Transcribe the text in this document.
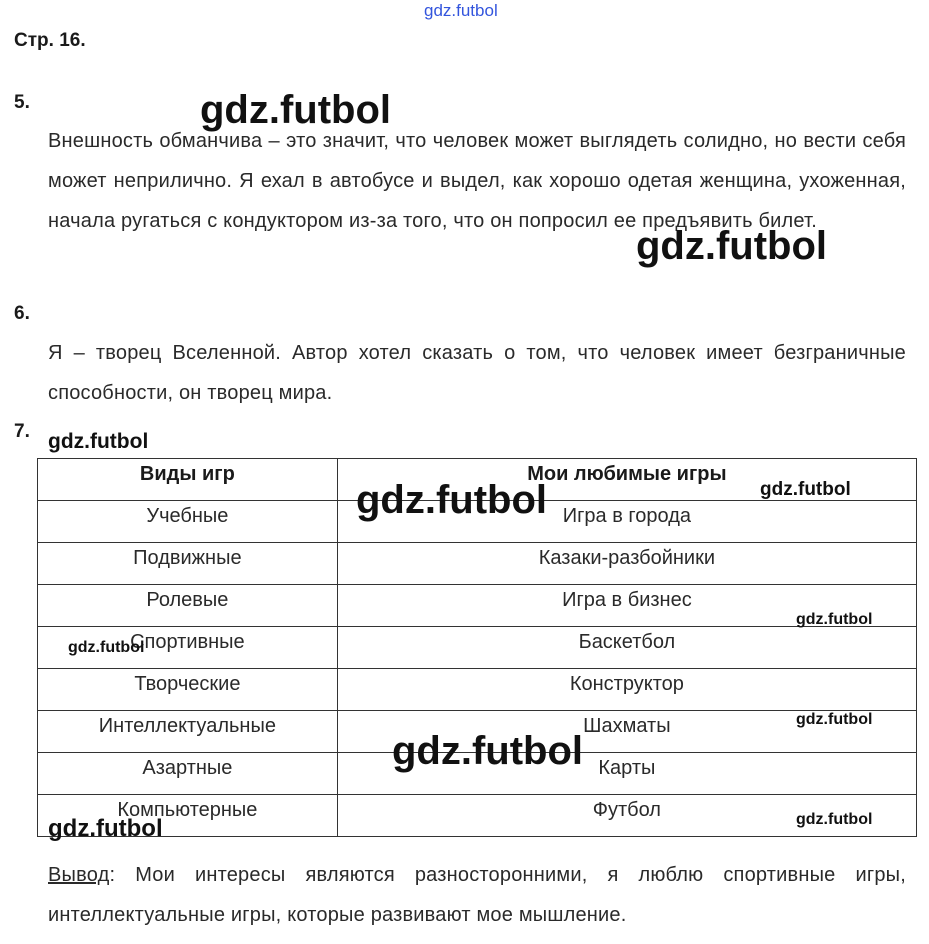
gdz.futbol
Стр. 16.
5.
Внешность обманчива – это значит, что человек может выглядеть солидно, но вести себя может неприлично. Я ехал в автобусе и выдел, как хорошо одетая женщина, ухоженная, начала ругаться с кондуктором из-за того, что он попросил ее предъявить билет.
6.
Я – творец Вселенной. Автор хотел сказать о том, что человек имеет безграничные способности, он творец мира.
7.
Виды игр	Мои любимые игры
Учебные	Игра в города
Подвижные	Казаки-разбойники
Ролевые	Игра в бизнес
Спортивные	Баскетбол
Творческие	Конструктор
Интеллектуальные	Шахматы
Азартные	Карты
Компьютерные	Футбол
Вывод: Мои интересы являются разносторонними, я люблю спортивные игры, интеллектуальные игры, которые развивают мое мышление.
gdz.futbol
gdz.futbol
gdz.futbol
gdz.futbol	gdz.futbol
gdz.futbol
gdz.futbol
gdz.futbol
gdz.futbol
gdz.futbol
gdz.futbol
